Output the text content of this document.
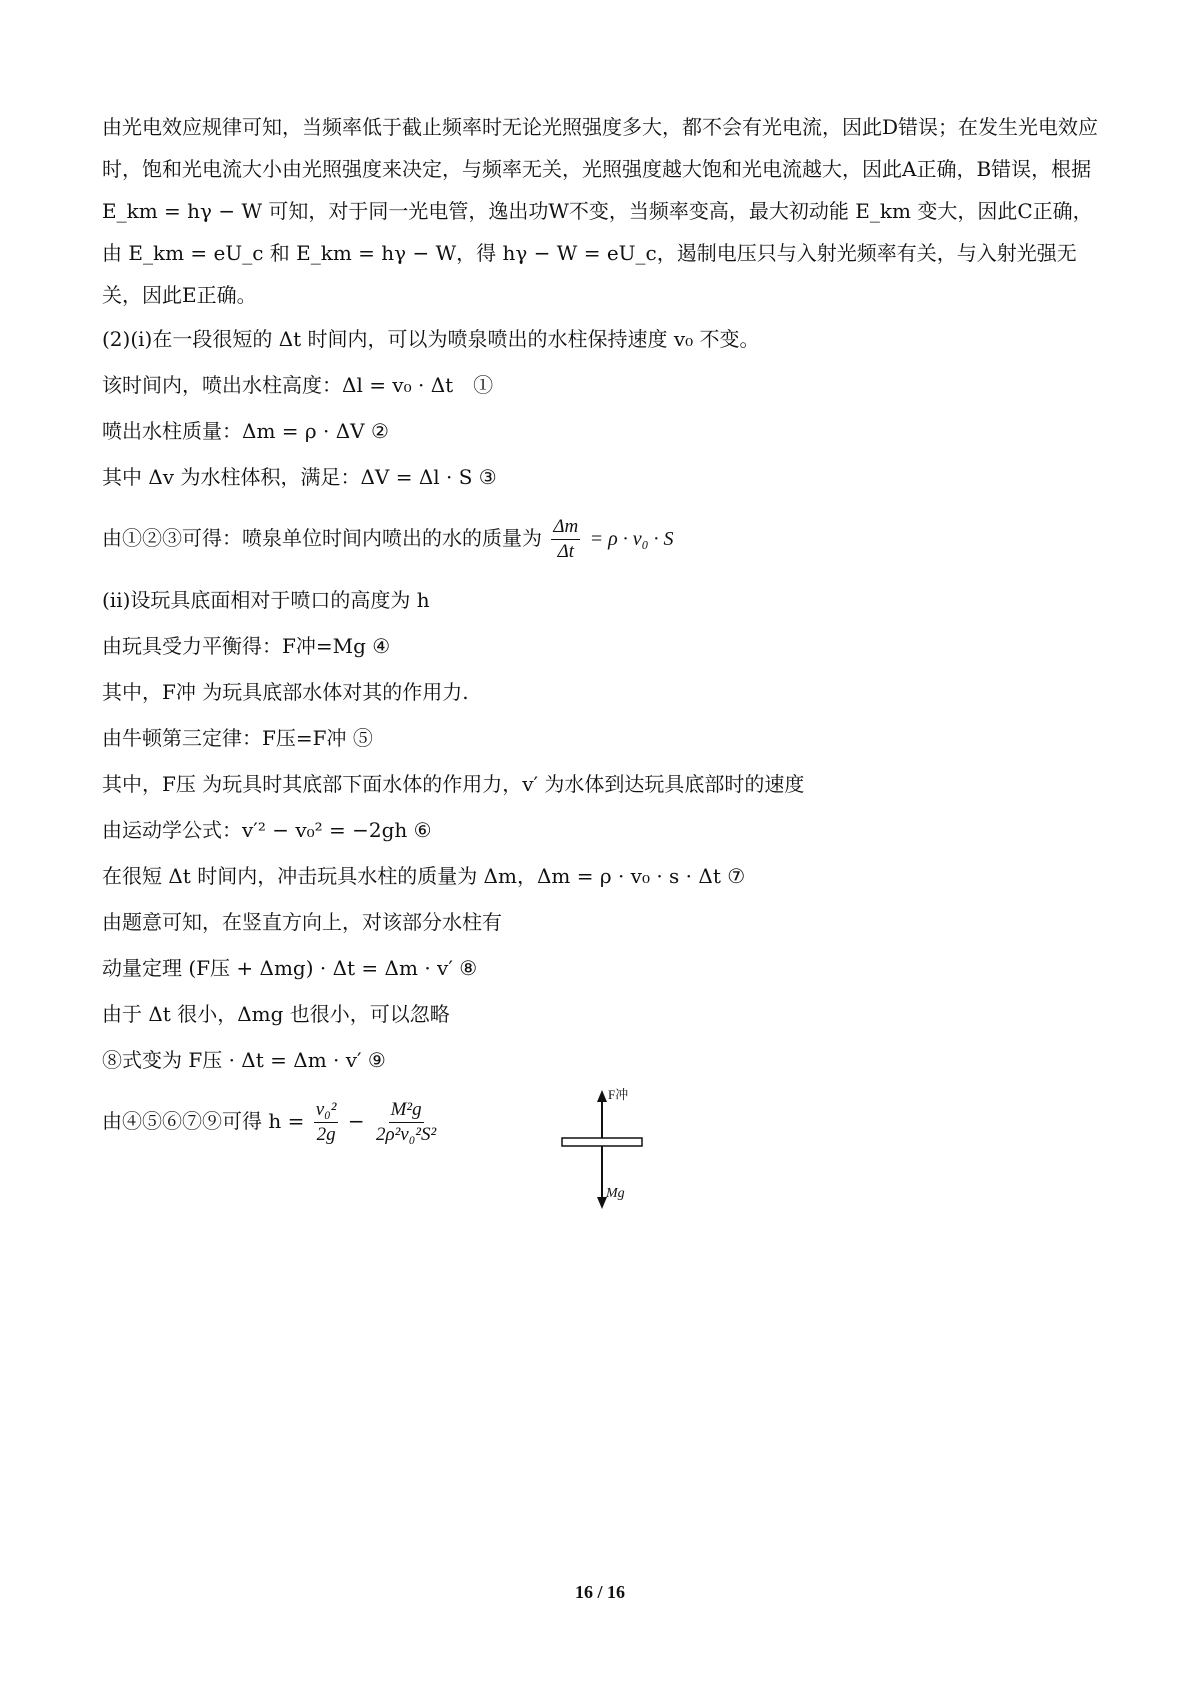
由光电效应规律可知，当频率低于截止频率时无论光照强度多大，都不会有光电流，因此D错误；在发生光电效应时，饱和光电流大小由光照强度来决定，与频率无关，光照强度越大饱和光电流越大，因此A正确，B错误，根据 E_km = hγ − W 可知，对于同一光电管，逸出功W不变，当频率变高，最大初动能 E_km 变大，因此C正确，由 E_km = eU_c 和 E_km = hγ − W，得 hγ − W = eU_c，遏制电压只与入射光频率有关，与入射光强无关，因此E正确。

(2)(i)在一段很短的 Δt 时间内，可以为喷泉喷出的水柱保持速度 v₀ 不变。
该时间内，喷出水柱高度：Δl = v₀ · Δt　①
喷出水柱质量：Δm = ρ · ΔV ②
其中 Δv 为水柱体积，满足：ΔV = Δl · S ③
由①②③可得：喷泉单位时间内喷出的水的质量为 $\frac{\Delta m}{\Delta t} = \rho \cdot v_0 \cdot S$
(ii)设玩具底面相对于喷口的高度为 h
由玩具受力平衡得：F冲=Mg ④
其中，F冲 为玩具底部水体对其的作用力.
由牛顿第三定律：F压=F冲 ⑤
其中，F压 为玩具时其底部下面水体的作用力，v′ 为水体到达玩具底部时的速度
由运动学公式：v′² − v₀² = −2gh ⑥
在很短 Δt 时间内，冲击玩具水柱的质量为 Δm，Δm = ρ · v₀ · s · Δt ⑦
由题意可知，在竖直方向上，对该部分水柱有
动量定理 (F压 + Δmg) · Δt = Δm · v′ ⑧
由于 Δt 很小，Δmg 也很小，可以忽略
⑧式变为 F压 · Δt = Δm · v′ ⑨
由④⑤⑥⑦⑨可得 $h = \frac{\text{v₀²}}{2g} - \frac{\text{M²g}}{\text{2ρ²v₀²S²}}$
F冲
Mg
16 / 16
